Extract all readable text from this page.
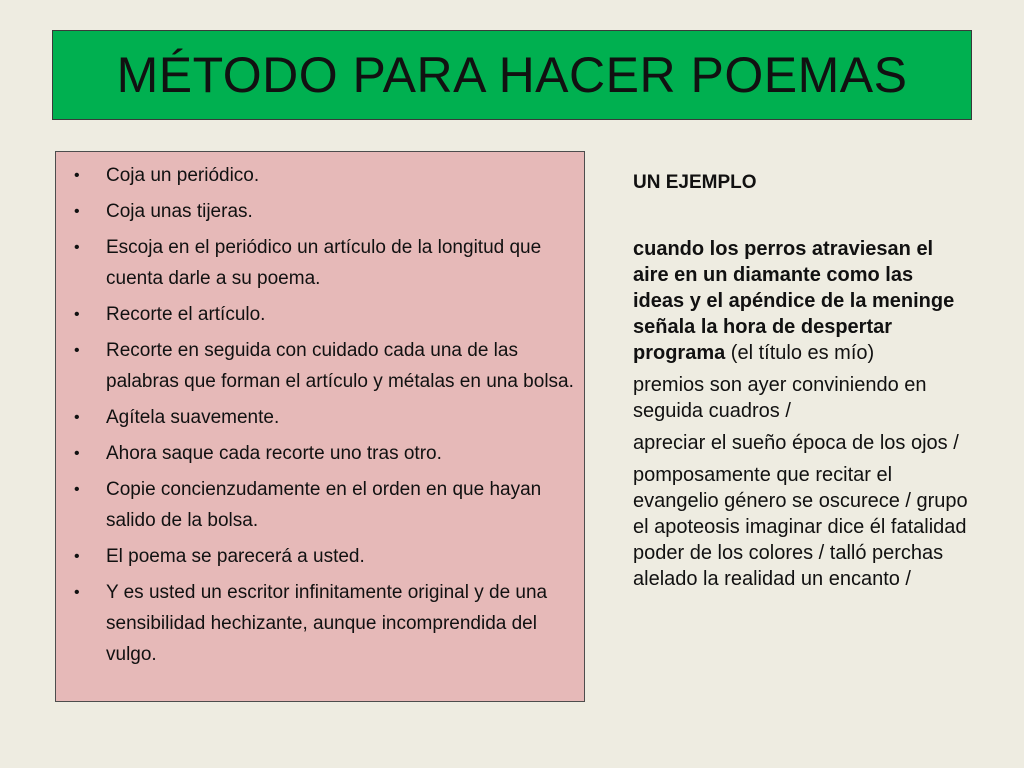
MÉTODO PARA HACER POEMAS
• Coja un periódico.
• Coja unas tijeras.
• Escoja en el periódico un artículo de la longitud que cuenta darle a su poema.
• Recorte el artículo.
• Recorte en seguida con cuidado cada una de las palabras que forman el artículo y métalas en una bolsa.
• Agítela suavemente.
• Ahora saque cada recorte uno tras otro.
• Copie concienzudamente en el orden en que hayan salido de la bolsa.
• El poema se parecerá a usted.
• Y es usted un escritor infinitamente original y de una sensibilidad hechizante, aunque incomprendida del vulgo.

UN EJEMPLO

cuando los perros atraviesan el aire en un diamante como las ideas y el apéndice de la meninge señala la hora de despertar programa (el título es mío)

premios son ayer conviniendo en seguida cuadros /

apreciar el sueño época de los ojos /

pomposamente que recitar el evangelio género se oscurece / grupo el apoteosis imaginar dice él fatalidad poder de los colores / talló perchas alelado la realidad un encanto /
